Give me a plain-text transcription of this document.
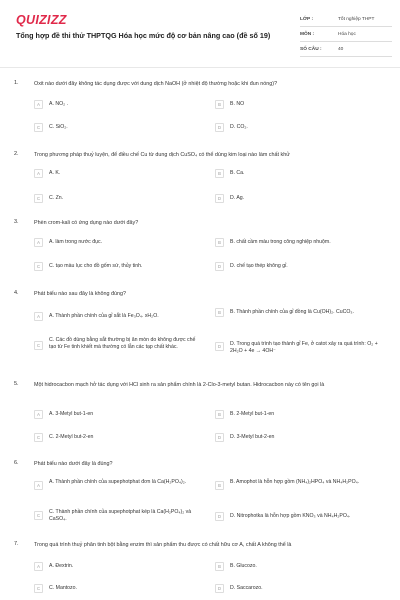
QUIZIZZ
Tổng hợp đề thi thử THPTQG Hóa học mức độ cơ bản nâng cao (đề số 19)
LỚP :	Tốt nghiệp THPT
MÔN :	Hóa học
SỐ CÂU :	40
1.	Oxit nào dưới đây không tác dụng được với dung dịch NaOH (ở nhiệt độ thường hoặc khi đun nóng)?
A	A. NO₂ .	B	B. NO
C	C. SiO₂.	D	D. CO₂.
2.	Trong phương pháp thuỷ luyện, để điều chế Cu từ dung dịch CuSO₄ có thể dùng kim loại nào làm chất khử
A	A. K.	B	B. Ca.
C	C. Zn.	D	D. Ag.
3.	Phèn crom-kali có ứng dụng nào dưới đây?
A	A. làm trong nước đục.	B	B. chất cầm màu trong công nghiệp nhuộm.
C	C. tạo màu lục cho đồ gốm sứ, thủy tinh.	D	D. chế tạo thép không gỉ.
4.	Phát biểu nào sau đây là không đúng?
A	A. Thành phần chính của gỉ sắt là Fe₃O₄. xH₂O.
B	B. Thành phần chính của gỉ đồng là Cu(OH)₂. CuCO₃.
C
C. Các đồ dùng bằng sắt thường bị ăn mòn do không được chế tạo từ Fe tinh khiết mà thường có lẫn các tạp chất khác.	D	D. Trong quá trình tạo thành gỉ Fe, ở catot xảy ra quá trình: O₂ + 2H₂O + 4e → 4OH⁻
5.	Một hidrocacbon mạch hở tác dụng với HCl sinh ra sản phẩm chính là 2-Clo-3-metyl butan. Hidrocacbon này có tên gọi là
A	A. 3-Metyl but-1-en	B	B. 2-Metyl but-1-en
C	C. 2-Metyl but-2-en	D	D. 3-Metyl but-2-en
6.	Phát biểu nào dưới đây là đúng?
A
A. Thành phần chính của supephotphat đơn là Ca(H₂PO₄)₂.
B
B. Amophot là hỗn hợp gồm (NH₄)₂HPO₄ và NH₄H₂PO₄.
C
C. Thành phần chính của supephotphat kép là Ca(H₂PO₄)₂ và CaSO₄.	D	D. Nitrophotka là hỗn hợp gồm KNO₃ và NH₄H₂PO₄.
7.	Trong quá trình thuỷ phân tinh bột bằng enzim thì sản phẩm thu được có chất hữu cơ A, chất A không thể là
A	A. Đextrin.	B	B. Glucozo.
C	C. Mantozo.	D	D. Saccarozo.
